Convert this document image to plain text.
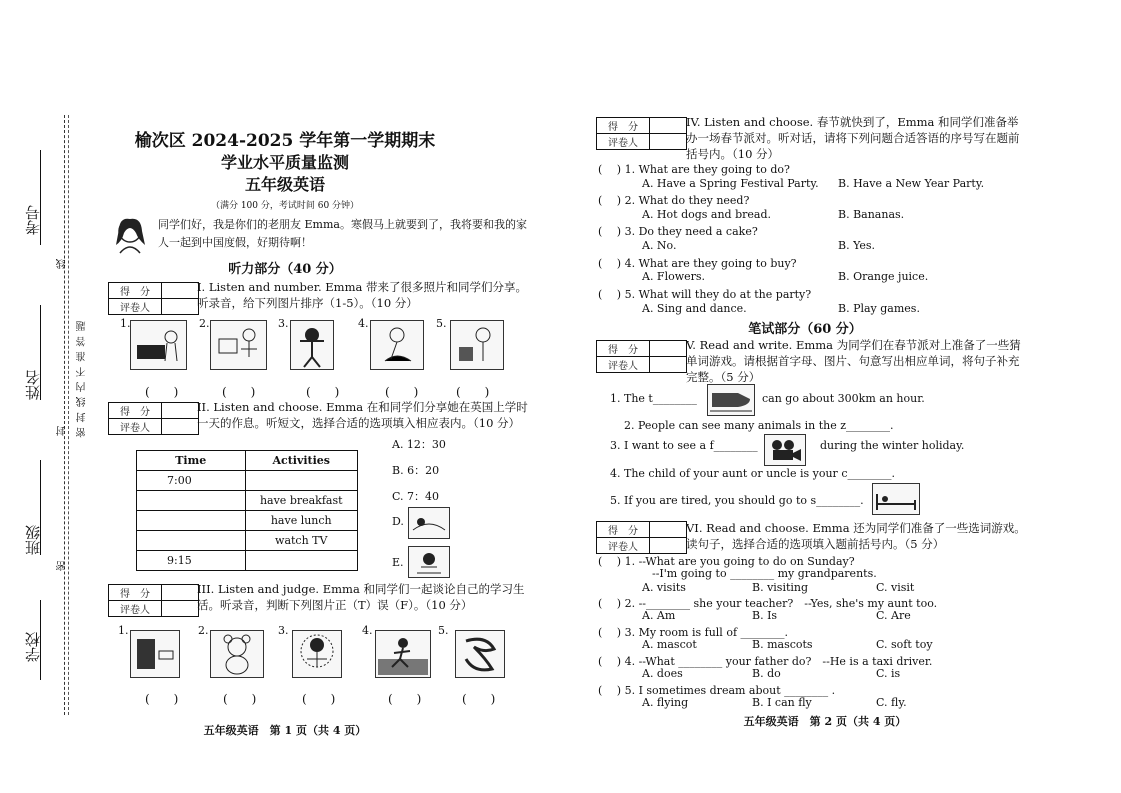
考号
姓名
班级
学校
密 封 线 内 不 准 答 题
线
封
密
榆次区 2024-2025 学年第一学期期末
学业水平质量监测
五年级英语
（满分 100 分，考试时间 60 分钟）
同学们好，我是你们的老朋友 Emma。寒假马上就要到了，我将要和我的家人一起到中国度假，好期待啊！
听力部分（40 分）
得　分	
评卷人	
I. Listen and number. Emma 带来了很多照片和同学们分享。听录音，给下列图片排序（1-5）。（10 分）
1.	2.	3.	4.	5.
(　　)	(　　)	(　　)	(　　)	(　　)
得　分	
评卷人	
II. Listen and choose. Emma 在和同学们分享她在英国上学时一天的作息。听短文，选择合适的选项填入相应表内。（10 分）
Time	Activities
7:00	
	have breakfast
	have lunch
	watch TV
9:15	
A. 12：30
B. 6：20
C. 7：40
D.
E.
得　分	
评卷人	
III. Listen and judge. Emma 和同学们一起谈论自己的学习生活。听录音，判断下列图片正（T）误（F）。（10 分）
1.	2.	3.	4.	5.
(　　)	(　　)	(　　)	(　　)	(　　)
五年级英语　第 1 页（共 4 页）
得　分	
评卷人	
IV. Listen and choose. 春节就快到了，Emma 和同学们准备举办一场春节派对。听对话，请将下列问题合适答语的序号写在题前括号内。（10 分）
(　 ) 1. What are they going to do?
A. Have a Spring Festival Party. B. Have a New Year Party.
(　 ) 2. What do they need?
A. Hot dogs and bread.	B. Bananas.
(　 ) 3. Do they need a cake?
A. No.	B. Yes.
(　 ) 4. What are they going to buy?
A. Flowers.	B. Orange juice.
(　 ) 5. What will they do at the party?
A. Sing and dance.	B. Play games.
笔试部分（60 分）
得　分	
评卷人	
V. Read and write. Emma 为同学们在春节派对上准备了一些猜单词游戏。请根据首字母、图片、句意写出相应单词，将句子补充完整。（5 分）
1. The t________	can go about 300km an hour.
2. People can see many animals in the z________.
3. I want to see a f________	during the winter holiday.
4. The child of your aunt or uncle is your c________.
5. If you are tired, you should go to s________.
得　分	
评卷人	
VI. Read and choose. Emma 还为同学们准备了一些选词游戏。读句子，选择合适的选项填入题前括号内。（5 分）
(　 ) 1. --What are you going to do on Sunday?
--I'm going to ________ my grandparents.
A. visits	B. visiting	C. visit
(　 ) 2. --________ she your teacher?　--Yes, she's my aunt too.
A. Am	B. Is	C. Are
(　 ) 3. My room is full of ________.
A. mascot	B. mascots	C. soft toy
(　 ) 4. --What ________ your father do?　--He is a taxi driver.
A. does	B. do	C. is
(　 ) 5. I sometimes dream about ________ .
A. flying	B. I can fly	C. fly.
五年级英语　第 2 页（共 4 页）
